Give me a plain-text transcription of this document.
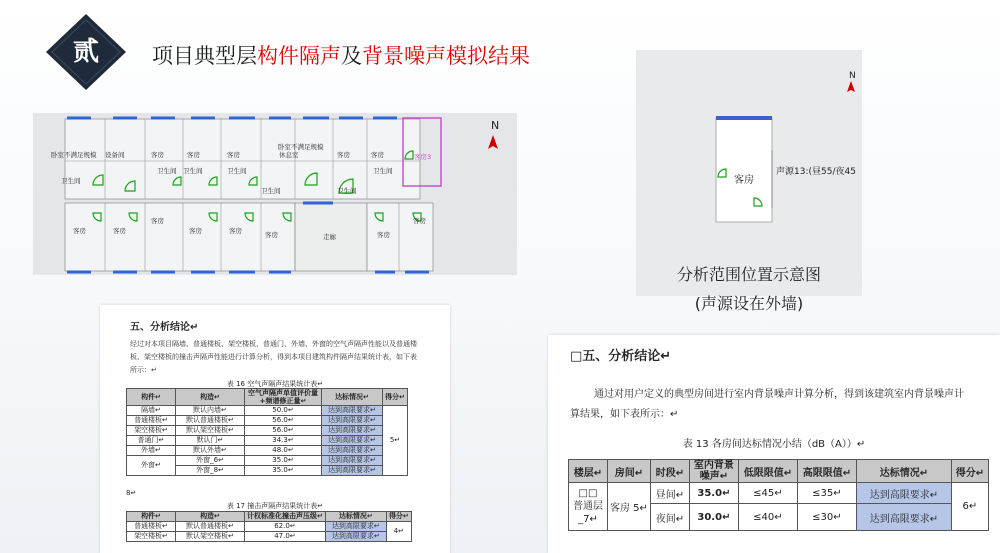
贰	项目典型层构件隔声及背景噪声模拟结果
卧室不满足规模 设备间	客房	客房	客房
卧室不满足规模
客房	客房
休息室	客房3
卫生间
卫生间 卫生间	卫生间
卫生间	卫生间
卫生间
客房	客房
客房
客房	客房	客房	客房
客房
走廊
N
N
客房
声源13:(昼55/夜45
分析范围位置示意图
(声源设在外墙)
五、分析结论↵
经过对本项目隔墙、普通楼板、架空楼板、普通门、外墙、外窗的空气声隔声性能以及普通楼板、架空楼板的撞击声隔声性能进行计算分析，得到本项目建筑构件隔声结果统计表，如下表所示：↵
表 16 空气声隔声结果统计表↵
构件↵	构造↵	空气声隔声单值评价量+频谱修正量↵	达标情况↵	得分↵
隔墙↵	默认内墙↵	50.0↵	达到高限要求↵	5↵
普通楼板↵	默认普通楼板↵	56.0↵	达到高限要求↵	
架空楼板↵	默认架空楼板↵	56.0↵	达到高限要求↵	
普通门↵	默认门↵	34.3↵	达到高限要求↵	
外墙↵	默认外墙↵	48.0↵	达到高限要求↵	
外窗↵	外窗_6↵	35.0↵	达到高限要求↵	
	外窗_8↵	35.0↵	达到高限要求↵	
8↵
表 17 撞击声隔声结果统计表↵
构件↵	构造↵	计权标准化撞击声压级↵	达标情况↵	得分↵
普通楼板↵	默认普通楼板↵	62.0↵	达到高限要求↵	4↵
架空楼板↵	默认架空楼板↵	47.0↵	达到高限要求↵	
□五、分析结论↵
通过对用户定义的典型房间进行室内背景噪声计算分析，得到该建筑室内背景噪声计算结果，如下表所示：↵
表 13 各房间达标情况小结（dB（A））↵
楼层↵	房间↵	时段↵	室内背景噪声↵	低限限值↵	高限限值↵	达标情况↵	得分↵
□□
普通层_7↵	客房 5↵	昼间↵	35.0↵	≤45↵	≤35↵	达到高限要求↵	6↵
		夜间↵	30.0↵	≤40↵	≤30↵	达到高限要求↵	
